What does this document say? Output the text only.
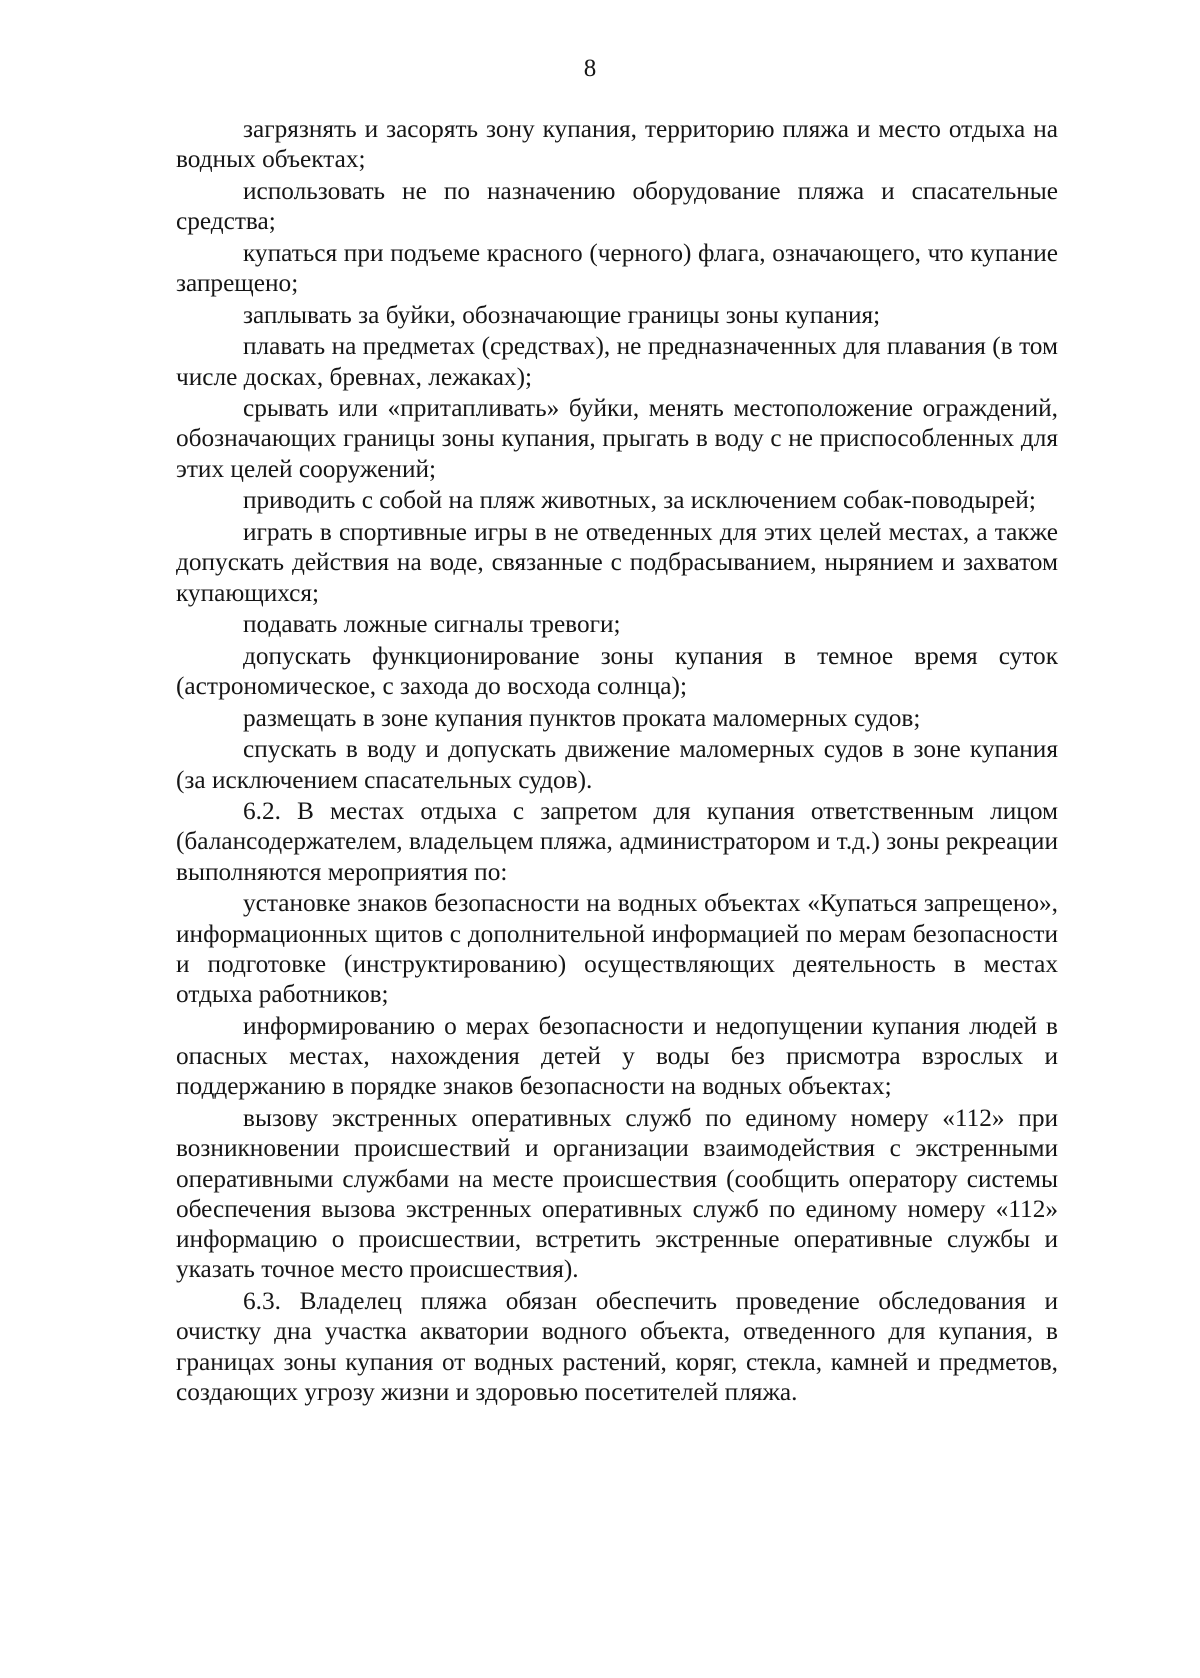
8

загрязнять и засорять зону купания, территорию пляжа и место отдыха на водных объектах;

использовать не по назначению оборудование пляжа и спасательные средства;

купаться при подъеме красного (черного) флага, означающего, что купание запрещено;

заплывать за буйки, обозначающие границы зоны купания;

плавать на предметах (средствах), не предназначенных для плавания (в том числе досках, бревнах, лежаках);

срывать или «притапливать» буйки, менять местоположение ограждений, обозначающих границы зоны купания, прыгать в воду с не приспособленных для этих целей сооружений;

приводить с собой на пляж животных, за исключением собак-поводырей;

играть в спортивные игры в не отведенных для этих целей местах, а также допускать действия на воде, связанные с подбрасыванием, нырянием и захватом купающихся;

подавать ложные сигналы тревоги;

допускать функционирование зоны купания в темное время суток (астрономическое, с захода до восхода солнца);

размещать в зоне купания пунктов проката маломерных судов;

спускать в воду и допускать движение маломерных судов в зоне купания (за исключением спасательных судов).

6.2. В местах отдыха с запретом для купания ответственным лицом (балансодержателем, владельцем пляжа, администратором и т.д.) зоны рекреации выполняются мероприятия по:

установке знаков безопасности на водных объектах «Купаться запрещено», информационных щитов с дополнительной информацией по мерам безопасности и подготовке (инструктированию) осуществляющих деятельность в местах отдыха работников;

информированию о мерах безопасности и недопущении купания людей в опасных местах, нахождения детей у воды без присмотра взрослых и поддержанию в порядке знаков безопасности на водных объектах;

вызову экстренных оперативных служб по единому номеру «112» при возникновении происшествий и организации взаимодействия с экстренными оперативными службами на месте происшествия (сообщить оператору системы обеспечения вызова экстренных оперативных служб по единому номеру «112» информацию о происшествии, встретить экстренные оперативные службы и указать точное место происшествия).

6.3. Владелец пляжа обязан обеспечить проведение обследования и очистку дна участка акватории водного объекта, отведенного для купания, в границах зоны купания от водных растений, коряг, стекла, камней и предметов, создающих угрозу жизни и здоровью посетителей пляжа.
